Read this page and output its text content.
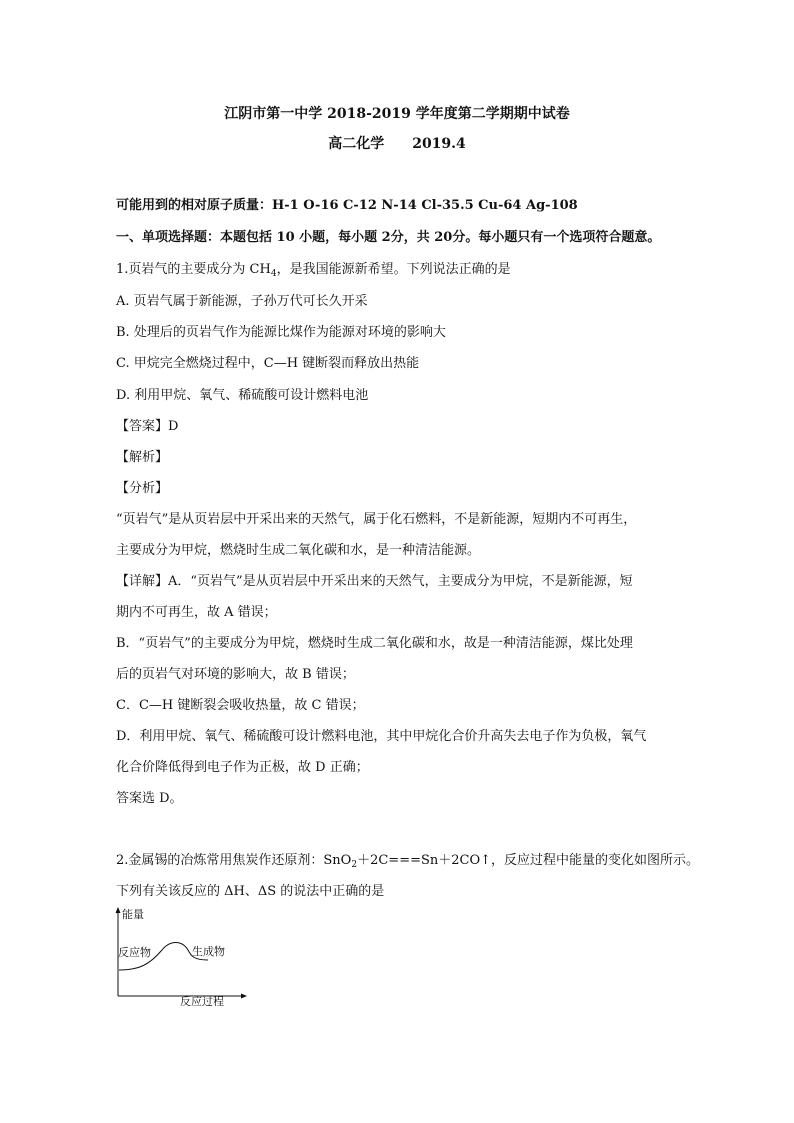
江阴市第一中学 2018-2019 学年度第二学期期中试卷
高二化学 2019.4
可能用到的相对原子质量：H-1 O-16 C-12 N-14 Cl-35.5 Cu-64 Ag-108
一、单项选择题：本题包括 10 小题，每小题 2分，共 20分。每小题只有一个选项符合题意。
1.页岩气的主要成分为 $CH_4$，是我国能源新希望。下列说法正确的是
A. 页岩气属于新能源，子孙万代可长久开采
B. 处理后的页岩气作为能源比煤作为能源对环境的影响大
C. 甲烷完全燃烧过程中，C—H 键断裂而释放出热能
D. 利用甲烷、氧气、稀硫酸可设计燃料电池
【答案】D
【解析】
【分析】
“页岩气”是从页岩层中开采出来的天然气，属于化石燃料，不是新能源，短期内不可再生，
主要成分为甲烷，燃烧时生成二氧化碳和水，是一种清洁能源。
【详解】A．“页岩气”是从页岩层中开采出来的天然气，主要成分为甲烷，不是新能源，短
期内不可再生，故 A 错误；
B．“页岩气”的主要成分为甲烷，燃烧时生成二氧化碳和水，故是一种清洁能源，煤比处理
后的页岩气对环境的影响大，故 B 错误；
C．C—H 键断裂会吸收热量，故 C 错误；
D．利用甲烷、氧气、稀硫酸可设计燃料电池，其中甲烷化合价升高失去电子作为负极，氧气
化合价降低得到电子作为正极，故 D 正确；
答案选 D。
2.金属锡的冶炼常用焦炭作还原剂：SnO$_2$＋2C===Sn＋2CO↑，反应过程中能量的变化如图所示。
下列有关该反应的 ΔH、ΔS 的说法中正确的是
能量
反应物	生成物
反应过程
